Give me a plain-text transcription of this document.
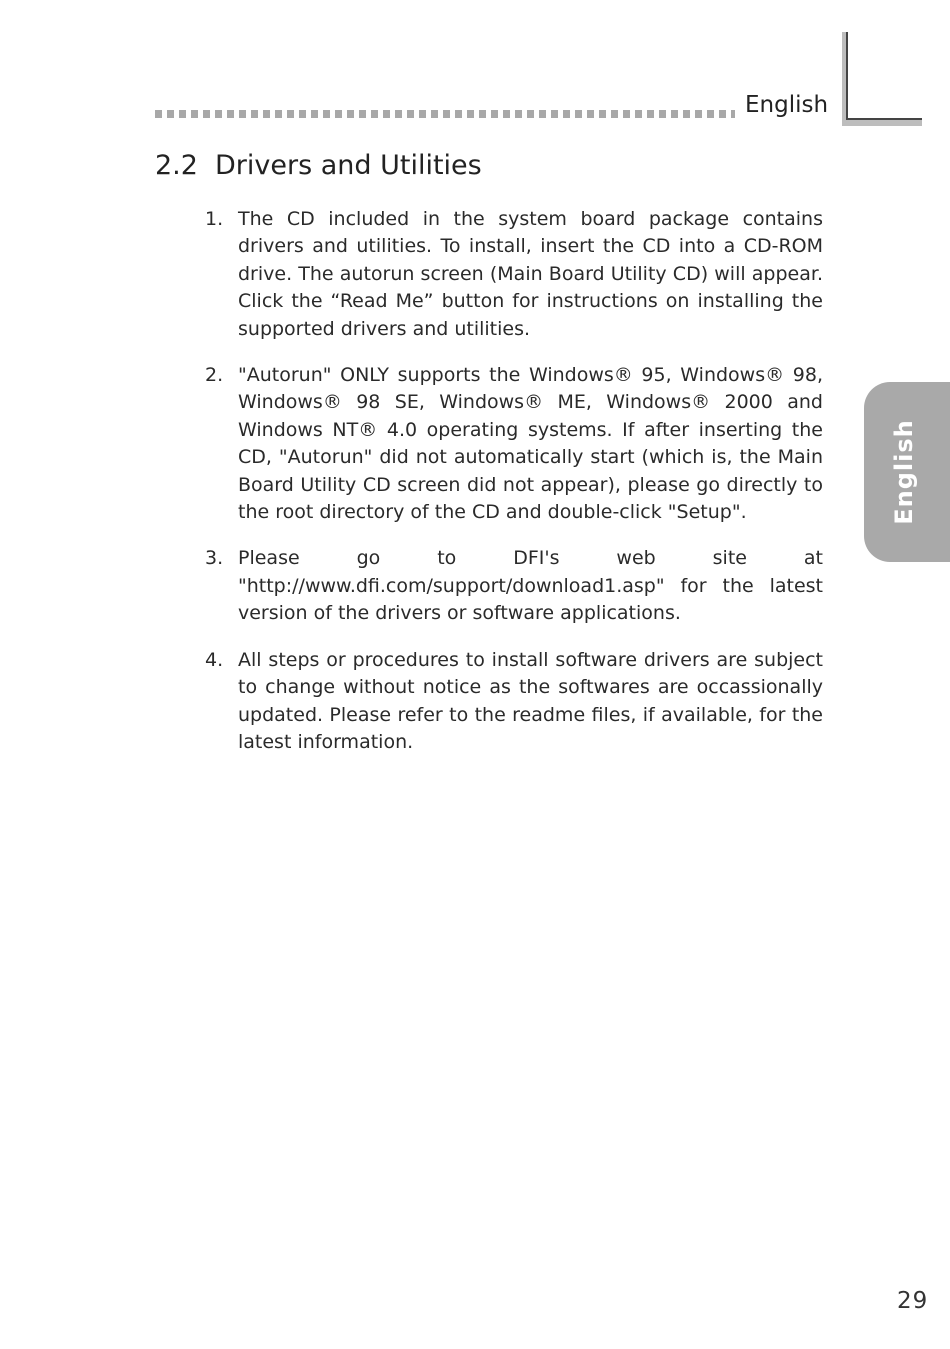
English
English
2.2 Drivers and Utilities
1. The CD included in the system board package contains drivers and utilities. To install, insert the CD into a CD-ROM drive. The autorun screen (Main Board Utility CD) will appear. Click the “Read Me” button for instructions on installing the supported drivers and utilities.
2. "Autorun" ONLY supports the Windows® 95, Windows® 98, Windows® 98 SE, Windows® ME, Windows® 2000 and Windows NT® 4.0 operating systems. If after inserting the CD, "Autorun" did not automatically start (which is, the Main Board Utility CD screen did not appear), please go directly to the root directory of the CD and double-click "Setup".
3. Please go to DFI's web site at "http://www.dfi.com/support/download1.asp" for the latest version of the drivers or software applications.
4. All steps or procedures to install software drivers are subject to change without notice as the softwares are occassionally updated. Please refer to the readme files, if available, for the latest information.
29
